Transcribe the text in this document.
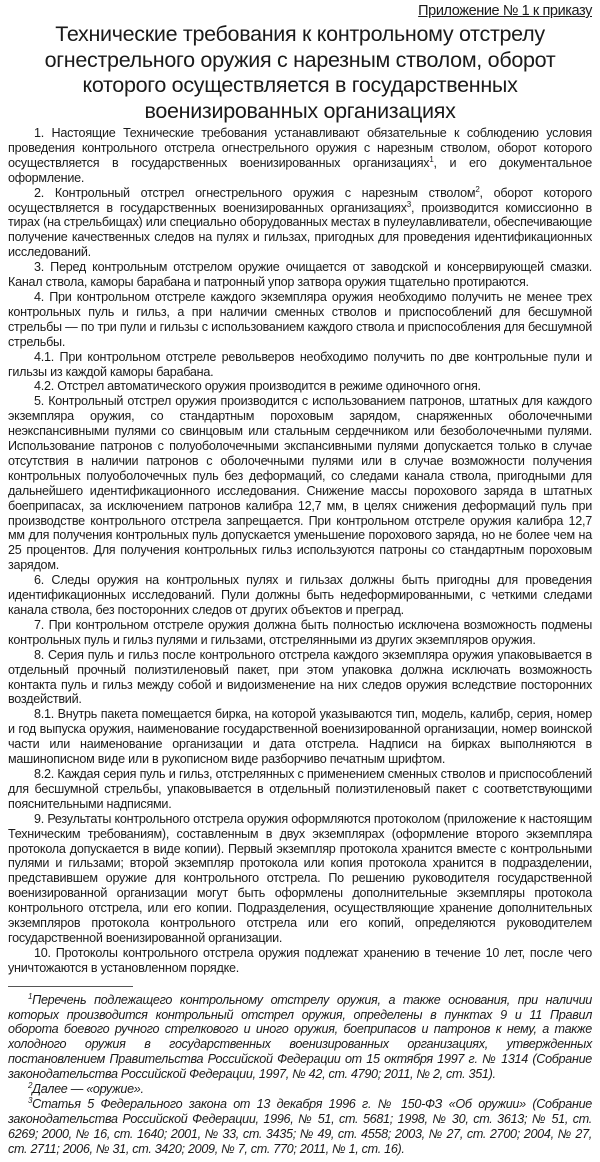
Приложение № 1 к приказу

Технические требования к контрольному отстрелу огнестрельного оружия с нарезным стволом, оборот которого осуществляется в государственных военизированных организациях

1. Настоящие Технические требования устанавливают обязательные к соблюдению условия проведения контрольного отстрела огнестрельного оружия с нарезным стволом, оборот которого осуществляется в государственных военизированных организациях$^1$, и его документальное оформление.

2. Контрольный отстрел огнестрельного оружия с нарезным стволом$^2$, оборот которого осуществляется в государственных военизированных организациях$^3$, производится комиссионно в тирах (на стрельбищах) или специально оборудованных местах в пулеулавливатели, обеспечивающие получение качественных следов на пулях и гильзах, пригодных для проведения идентификационных исследований.

3. Перед контрольным отстрелом оружие очищается от заводской и консервирующей смазки. Канал ствола, каморы барабана и патронный упор затвора оружия тщательно протираются.

4. При контрольном отстреле каждого экземпляра оружия необходимо получить не менее трех контрольных пуль и гильз, а при наличии сменных стволов и приспособлений для бесшумной стрельбы — по три пули и гильзы с использованием каждого ствола и приспособления для бесшумной стрельбы.

4.1. При контрольном отстреле револьверов необходимо получить по две контрольные пули и гильзы из каждой каморы барабана.

4.2. Отстрел автоматического оружия производится в режиме одиночного огня.

5. Контрольный отстрел оружия производится с использованием патронов, штатных для каждого экземпляра оружия, со стандартным пороховым зарядом, снаряженных оболочечными неэкспансивными пулями со свинцовым или стальным сердечником или безоболочечными пулями. Использование патронов с полуоболочечными экспансивными пулями допускается только в случае отсутствия в наличии патронов с оболочечными пулями или в случае возможности получения контрольных полуоболочечных пуль без деформаций, со следами канала ствола, пригодными для дальнейшего идентификационного исследования. Снижение массы порохового заряда в штатных боеприпасах, за исключением патронов калибра 12,7 мм, в целях снижения деформаций пуль при производстве контрольного отстрела запрещается. При контрольном отстреле оружия калибра 12,7 мм для получения контрольных пуль допускается уменьшение порохового заряда, но не более чем на 25 процентов. Для получения контрольных гильз используются патроны со стандартным пороховым зарядом.

6. Следы оружия на контрольных пулях и гильзах должны быть пригодны для проведения идентификационных исследований. Пули должны быть недеформированными, с четкими следами канала ствола, без посторонних следов от других объектов и преград.

7. При контрольном отстреле оружия должна быть полностью исключена возможность подмены контрольных пуль и гильз пулями и гильзами, отстрелянными из других экземпляров оружия.

8. Серия пуль и гильз после контрольного отстрела каждого экземпляра оружия упаковывается в отдельный прочный полиэтиленовый пакет, при этом упаковка должна исключать возможность контакта пуль и гильз между собой и видоизменение на них следов оружия вследствие посторонних воздействий.

8.1. Внутрь пакета помещается бирка, на которой указываются тип, модель, калибр, серия, номер и год выпуска оружия, наименование государственной военизированной организации, номер воинской части или наименование организации и дата отстрела. Надписи на бирках выполняются в машинописном виде или в рукописном виде разборчиво печатным шрифтом.

8.2. Каждая серия пуль и гильз, отстрелянных с применением сменных стволов и приспособлений для бесшумной стрельбы, упаковывается в отдельный полиэтиленовый пакет с соответствующими пояснительными надписями.

9. Результаты контрольного отстрела оружия оформляются протоколом (приложение к настоящим Техническим требованиям), составленным в двух экземплярах (оформление второго экземпляра протокола допускается в виде копии). Первый экземпляр протокола хранится вместе с контрольными пулями и гильзами; второй экземпляр протокола или копия протокола хранится в подразделении, представившем оружие для контрольного отстрела. По решению руководителя государственной военизированной организации могут быть оформлены дополнительные экземпляры протокола контрольного отстрела, или его копии. Подразделения, осуществляющие хранение дополнительных экземпляров протокола контрольного отстрела или его копий, определяются руководителем государственной военизированной организации.

10. Протоколы контрольного отстрела оружия подлежат хранению в течение 10 лет, после чего уничтожаются в установленном порядке.

$^1$Перечень подлежащего контрольному отстрелу оружия, а также основания, при наличии которых производится контрольный отстрел оружия, определены в пунктах 9 и 11 Правил оборота боевого ручного стрелкового и иного оружия, боеприпасов и патронов к нему, а также холодного оружия в государственных военизированных организациях, утвержденных постановлением Правительства Российской Федерации от 15 октября 1997 г. № 1314 (Собрание законодательства Российской Федерации, 1997, № 42, ст. 4790; 2011, № 2, ст. 351).

$^2$Далее — «оружие».

$^3$Статья 5 Федерального закона от 13 декабря 1996 г. № 150-ФЗ «Об оружии» (Собрание законодательства Российской Федерации, 1996, № 51, ст. 5681; 1998, № 30, ст. 3613; № 51, ст. 6269; 2000, № 16, ст. 1640; 2001, № 33, ст. 3435; № 49, ст. 4558; 2003, № 27, ст. 2700; 2004, № 27, ст. 2711; 2006, № 31, ст. 3420; 2009, № 7, ст. 770; 2011, № 1, ст. 16).
